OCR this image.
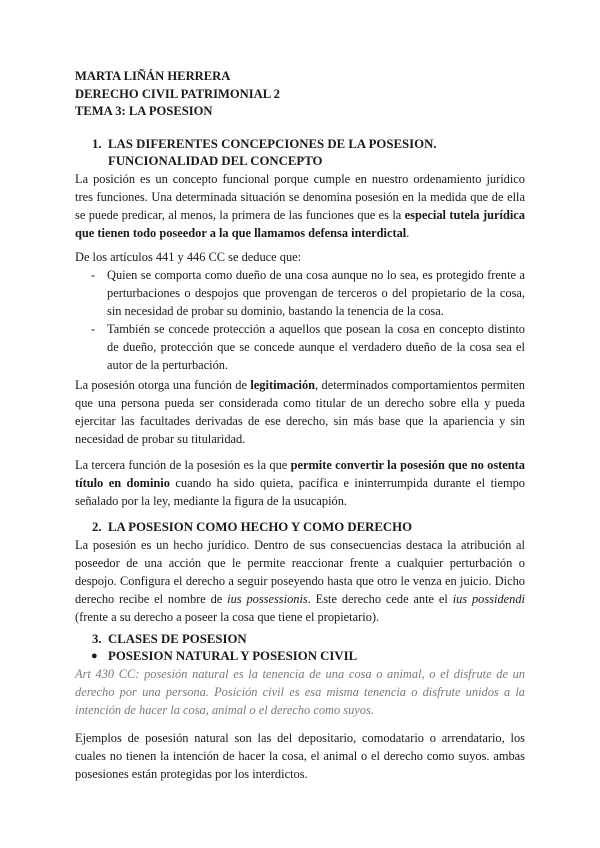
MARTA LIÑÁN HERRERA
DERECHO CIVIL PATRIMONIAL 2
TEMA 3: LA POSESION
1. LAS DIFERENTES CONCEPCIONES DE LA POSESION. FUNCIONALIDAD DEL CONCEPTO

La posición es un concepto funcional porque cumple en nuestro ordenamiento jurídico tres funciones. Una determinada situación se denomina posesión en la medida que de ella se puede predicar, al menos, la primera de las funciones que es la especial tutela jurídica que tienen todo poseedor a la que llamamos defensa interdictal.

De los artículos 441 y 446 CC se deduce que:

- Quien se comporta como dueño de una cosa aunque no lo sea, es protegido frente a perturbaciones o despojos que provengan de terceros o del propietario de la cosa, sin necesidad de probar su dominio, bastando la tenencia de la cosa.
- También se concede protección a aquellos que posean la cosa en concepto distinto de dueño, protección que se concede aunque el verdadero dueño de la cosa sea el autor de la perturbación.

La posesión otorga una función de legitimación, determinados comportamientos permiten que una persona pueda ser considerada como titular de un derecho sobre ella y pueda ejercitar las facultades derivadas de ese derecho, sin más base que la apariencia y sin necesidad de probar su titularidad.

La tercera función de la posesión es la que permite convertir la posesión que no ostenta título en dominio cuando ha sido quieta, pacífica e ininterrumpida durante el tiempo señalado por la ley, mediante la figura de la usucapión.

2. LA POSESION COMO HECHO Y COMO DERECHO

La posesión es un hecho jurídico. Dentro de sus consecuencias destaca la atribución al poseedor de una acción que le permite reaccionar frente a cualquier perturbación o despojo. Configura el derecho a seguir poseyendo hasta que otro le venza en juicio. Dicho derecho recibe el nombre de ius possessionis. Este derecho cede ante el ius possidendi (frente a su derecho a poseer la cosa que tiene el propietario).

3. CLASES DE POSESION
● POSESION NATURAL Y POSESION CIVIL

Art 430 CC: posesión natural es la tenencia de una cosa o animal, o el disfrute de un derecho por una persona. Posición civil es esa misma tenencia o disfrute unidos a la intención de hacer la cosa, animal o el derecho como suyos.

Ejemplos de posesión natural son las del depositario, comodatario o arrendatario, los cuales no tienen la intención de hacer la cosa, el animal o el derecho como suyos. ambas posesiones están protegidas por los interdictos.
